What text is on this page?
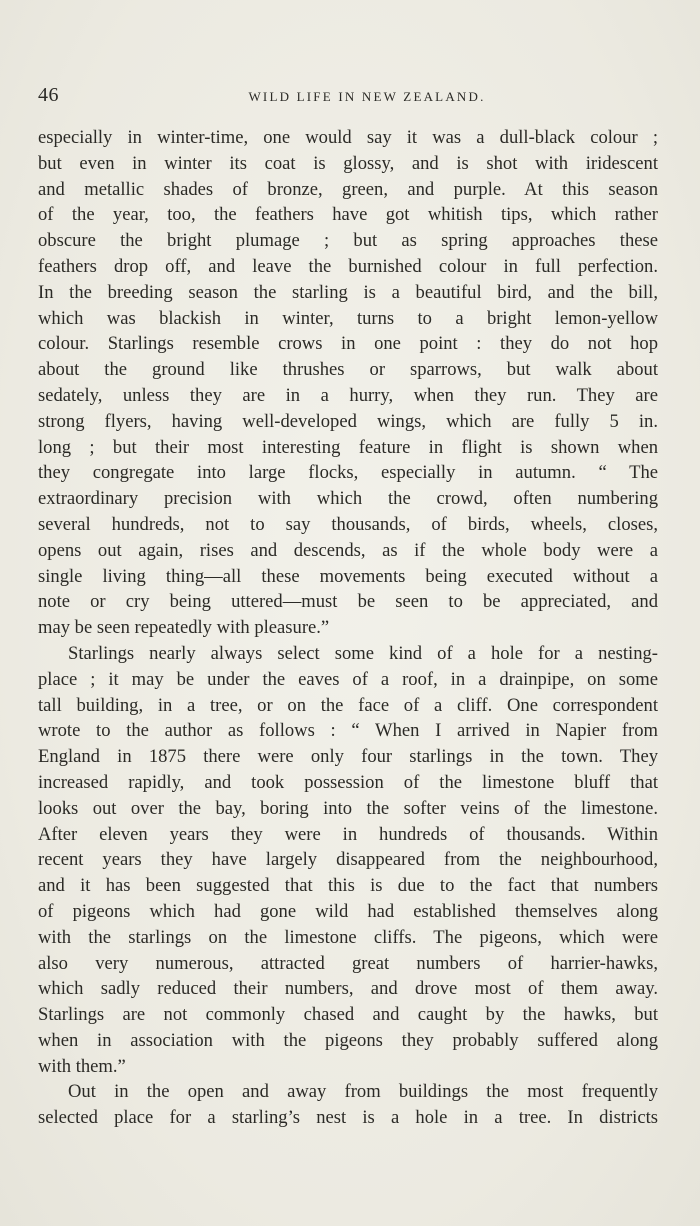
46	WILD LIFE IN NEW ZEALAND.
especially in winter-time, one would say it was a dull-black colour ;
but even in winter its coat is glossy, and is shot with iridescent
and metallic shades of bronze, green, and purple. At this season
of the year, too, the feathers have got whitish tips, which rather
obscure the bright plumage ; but as spring approaches these
feathers drop off, and leave the burnished colour in full perfection.
In the breeding season the starling is a beautiful bird, and the bill,
which was blackish in winter, turns to a bright lemon-yellow
colour. Starlings resemble crows in one point : they do not hop
about the ground like thrushes or sparrows, but walk about
sedately, unless they are in a hurry, when they run. They are
strong flyers, having well-developed wings, which are fully 5 in.
long ; but their most interesting feature in flight is shown when
they congregate into large flocks, especially in autumn. “ The
extraordinary precision with which the crowd, often numbering
several hundreds, not to say thousands, of birds, wheels, closes,
opens out again, rises and descends, as if the whole body were a
single living thing—all these movements being executed without a
note or cry being uttered—must be seen to be appreciated, and
may be seen repeatedly with pleasure.”
Starlings nearly always select some kind of a hole for a nesting-
place ; it may be under the eaves of a roof, in a drainpipe, on some
tall building, in a tree, or on the face of a cliff. One correspondent
wrote to the author as follows : “ When I arrived in Napier from
England in 1875 there were only four starlings in the town. They
increased rapidly, and took possession of the limestone bluff that
looks out over the bay, boring into the softer veins of the limestone.
After eleven years they were in hundreds of thousands. Within
recent years they have largely disappeared from the neighbourhood,
and it has been suggested that this is due to the fact that numbers
of pigeons which had gone wild had established themselves along
with the starlings on the limestone cliffs. The pigeons, which were
also very numerous, attracted great numbers of harrier-hawks,
which sadly reduced their numbers, and drove most of them away.
Starlings are not commonly chased and caught by the hawks, but
when in association with the pigeons they probably suffered along
with them.”
Out in the open and away from buildings the most frequently
selected place for a starling’s nest is a hole in a tree. In districts
